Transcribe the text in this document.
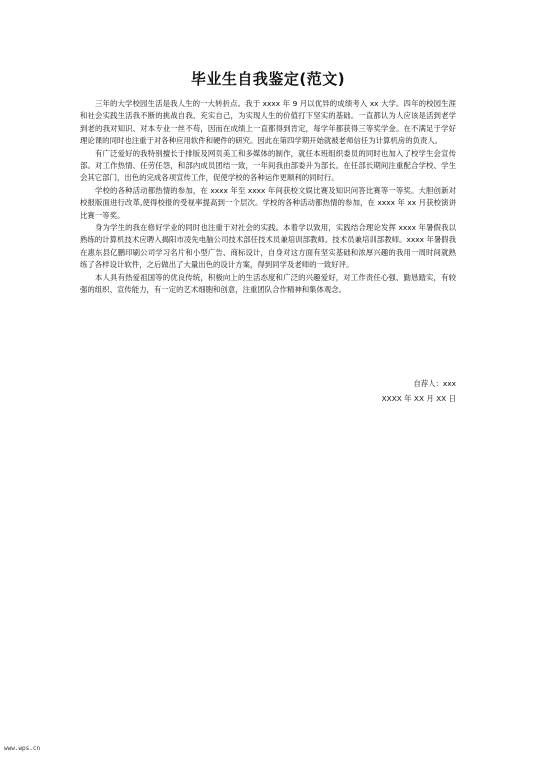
毕业生自我鉴定(范文)

三年的大学校园生活是我人生的一大转折点。我于 xxxx 年 9 月以优异的成绩考入 xx 大学。四年的校园生涯和社会实践生活我不断的挑战自我、充实自己，为实现人生的价值打下坚实的基础。一直都认为人应该是活到老学到老的我对知识、对本专业一丝不苟，因而在成绩上一直都得到肯定，每学年都获得三等奖学金。在不满足于学好理论课的同时也注重于对各种应用软件和硬件的研究。因此在第四学期开始就被老师信任为计算机房的负责人。

有广泛爱好的我特别擅长于排版及网页美工和多媒体的制作，就任本班组织委员的同时也加入了校学生会宣传部。对工作热情、任劳任怨，和部内成员团结一致，一年间我由部委升为部长。在任部长期间注重配合学校、学生会其它部门，出色的完成各项宣传工作，促使学校的各种运作更顺利的同时行。

学校的各种活动都热情的参加，在 xxxx 年至 xxxx 年间获校文娱比赛及知识问答比赛等一等奖。大胆创新对校报版面进行改革,使得校报的受视率提高到一个层次。学校的各种活动都热情的参加，在 xxxx 年 xx 月获校演讲比赛一等奖。

身为学生的我在修好学业的同时也注重于对社会的实践。本着学以致用，实践结合理论发挥 xxxx 年暑假我以熟练的计算机技术应聘入揭阳市凌先电脑公司技术部任技术员兼培训部教师。技术员兼培训部教师。xxxx 年暑假我在惠东县亿鹏印刷公司学习名片和小型广告、商标设计，自身对这方面有坚实基础和浓厚兴趣的我用一周时间就熟练了各样设计软件，之后做出了大量出色的设计方案，得到同学及老师的一致好评。

本人具有热爱祖国等的优良传统，积极向上的生活态度和广泛的兴趣爱好，对工作责任心强、勤恳踏实，有较强的组织、宣传能力，有一定的艺术细胞和创意，注重团队合作精神和集体观念。

自荐人：xxx
XXXX 年 XX 月 XX 日
www.wps.cn
